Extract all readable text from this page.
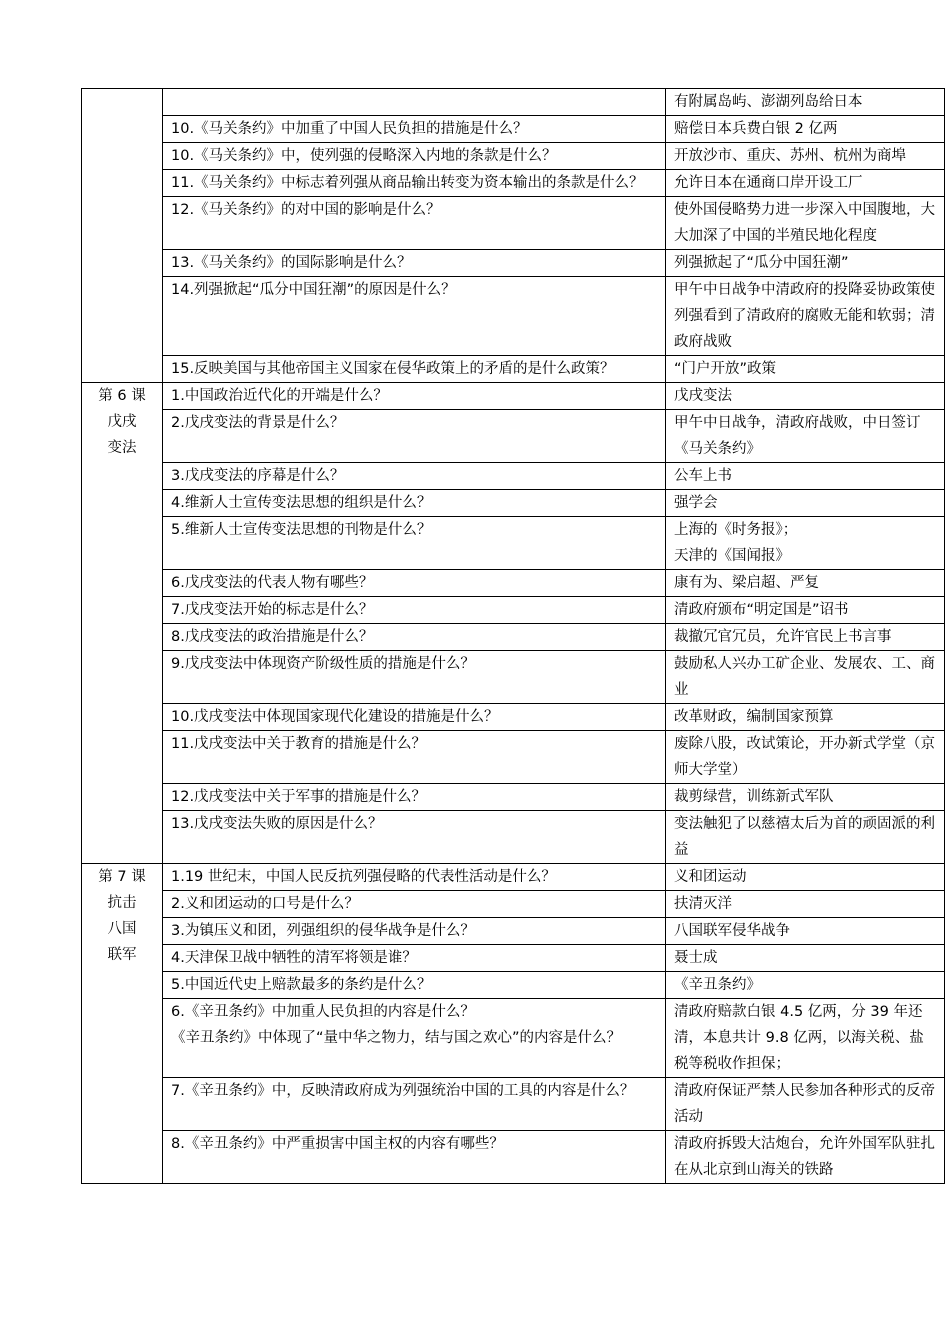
		有附属岛屿、澎湖列岛给日本
	10.《马关条约》中加重了中国人民负担的措施是什么？	赔偿日本兵费白银 2 亿两
	10.《马关条约》中，使列强的侵略深入内地的条款是什么？	开放沙市、重庆、苏州、杭州为商埠
	11.《马关条约》中标志着列强从商品输出转变为资本输出的条款是什么？	允许日本在通商口岸开设工厂
	12.《马关条约》的对中国的影响是什么？	使外国侵略势力进一步深入中国腹地，大大加深了中国的半殖民地化程度
	13.《马关条约》的国际影响是什么？	列强掀起了“瓜分中国狂潮”
	14.列强掀起“瓜分中国狂潮”的原因是什么？	甲午中日战争中清政府的投降妥协政策使列强看到了清政府的腐败无能和软弱；清政府战败
	15.反映美国与其他帝国主义国家在侵华政策上的矛盾的是什么政策？	“门户开放”政策
第 6 课
戊戌
变法	1.中国政治近代化的开端是什么？	戊戌变法
	2.戊戌变法的背景是什么？	甲午中日战争，清政府战败，中日签订《马关条约》
	3.戊戌变法的序幕是什么？	公车上书
	4.维新人士宣传变法思想的组织是什么？	强学会
	5.维新人士宣传变法思想的刊物是什么？	上海的《时务报》；
天津的《国闻报》
	6.戊戌变法的代表人物有哪些？	康有为、梁启超、严复
	7.戊戌变法开始的标志是什么？	清政府颁布“明定国是”诏书
	8.戊戌变法的政治措施是什么？	裁撤冗官冗员，允许官民上书言事
	9.戊戌变法中体现资产阶级性质的措施是什么？	鼓励私人兴办工矿企业、发展农、工、商业
	10.戊戌变法中体现国家现代化建设的措施是什么？	改革财政，编制国家预算
	11.戊戌变法中关于教育的措施是什么？	废除八股，改试策论，开办新式学堂（京师大学堂）
	12.戊戌变法中关于军事的措施是什么？	裁剪绿营，训练新式军队
	13.戊戌变法失败的原因是什么？	变法触犯了以慈禧太后为首的顽固派的利益
第 7 课
抗击
八国
联军	1.19 世纪末，中国人民反抗列强侵略的代表性活动是什么？	义和团运动
	2.义和团运动的口号是什么？	扶清灭洋
	3.为镇压义和团，列强组织的侵华战争是什么？	八国联军侵华战争
	4.天津保卫战中牺牲的清军将领是谁？	聂士成
	5.中国近代史上赔款最多的条约是什么？	《辛丑条约》
	6.《辛丑条约》中加重人民负担的内容是什么？
《辛丑条约》中体现了“量中华之物力，结与国之欢心”的内容是什么？	清政府赔款白银 4.5 亿两，分 39 年还清，本息共计 9.8 亿两，以海关税、盐税等税收作担保；
	7.《辛丑条约》中，反映清政府成为列强统治中国的工具的内容是什么？	清政府保证严禁人民参加各种形式的反帝活动
	8.《辛丑条约》中严重损害中国主权的内容有哪些？	清政府拆毁大沽炮台，允许外国军队驻扎在从北京到山海关的铁路
